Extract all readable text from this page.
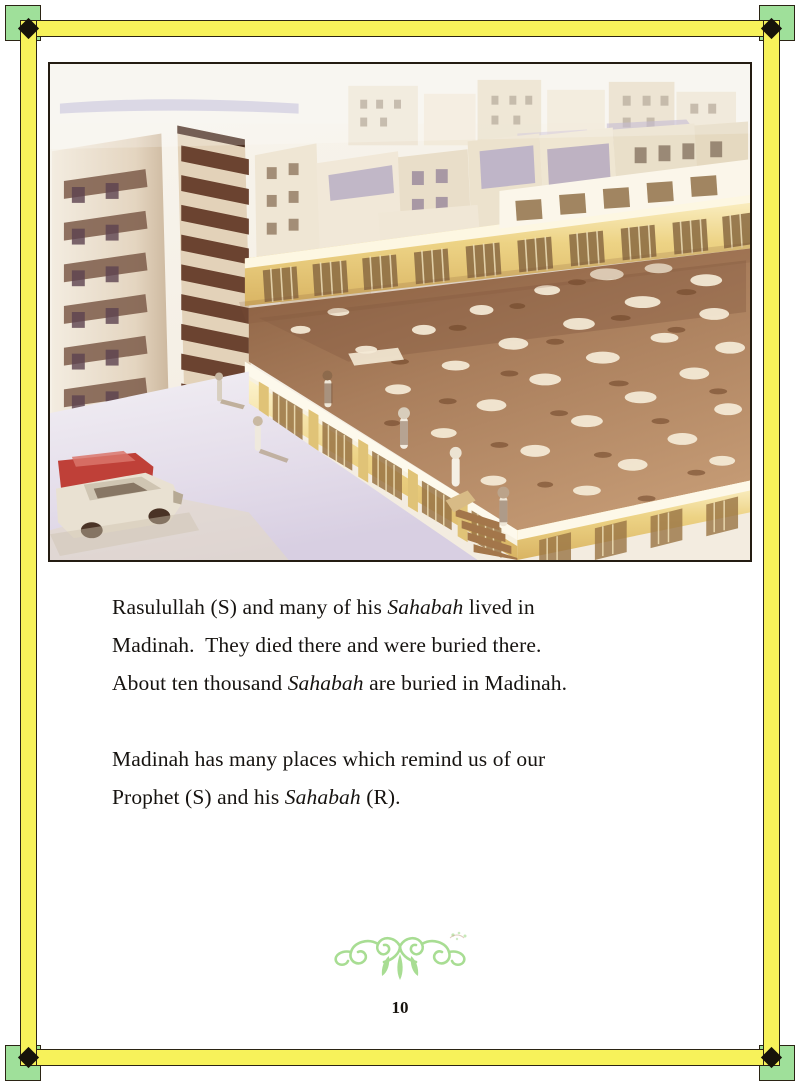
Rasulullah (S) and many of his Sahabah lived in
Madinah.  They died there and were buried there.
About ten thousand Sahabah are buried in Madinah.

Madinah has many places which remind us of our
Prophet (S) and his Sahabah (R).

10
